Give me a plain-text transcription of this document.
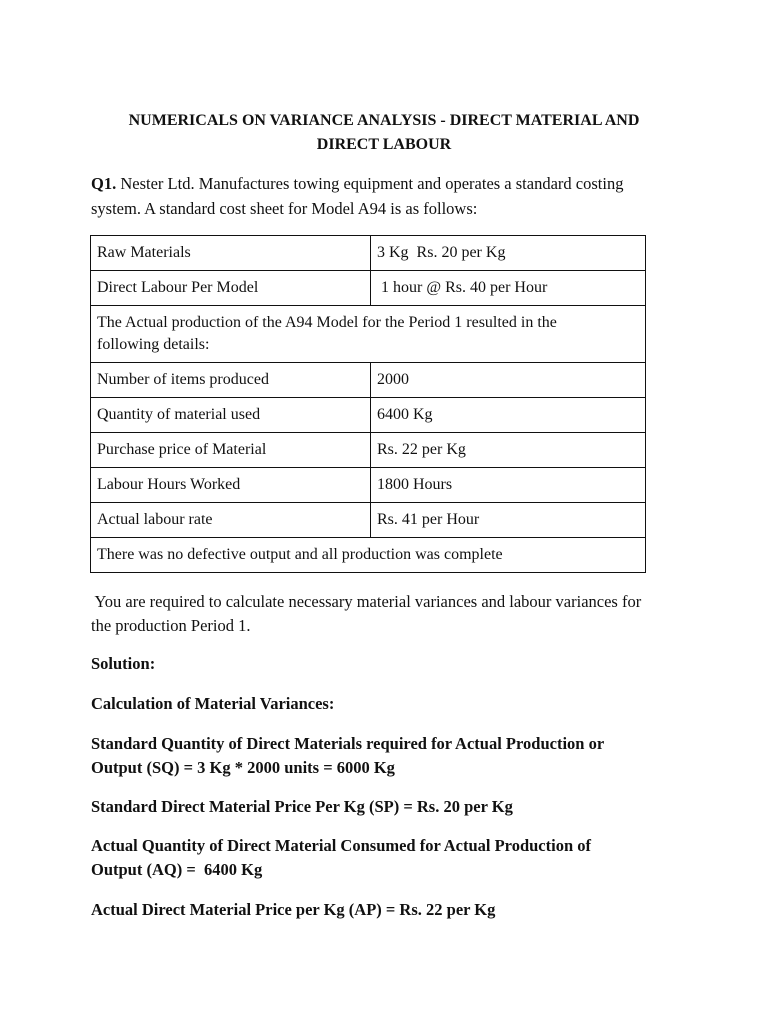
NUMERICALS ON VARIANCE ANALYSIS - DIRECT MATERIAL AND
DIRECT LABOUR

Q1. Nester Ltd. Manufactures towing equipment and operates a standard costing
system. A standard cost sheet for Model A94 is as follows:

Raw Materials	3 Kg  Rs. 20 per Kg
Direct Labour Per Model	1 hour @ Rs. 40 per Hour
The Actual production of the A94 Model for the Period 1 resulted in the following details:	
Number of items produced	2000
Quantity of material used	6400 Kg
Purchase price of Material	Rs. 22 per Kg
Labour Hours Worked	1800 Hours
Actual labour rate	Rs. 41 per Hour
There was no defective output and all production was complete	

You are required to calculate necessary material variances and labour variances for
the production Period 1.

Solution:

Calculation of Material Variances:

Standard Quantity of Direct Materials required for Actual Production or
Output (SQ) = 3 Kg * 2000 units = 6000 Kg

Standard Direct Material Price Per Kg (SP) = Rs. 20 per Kg

Actual Quantity of Direct Material Consumed for Actual Production of
Output (AQ) =  6400 Kg

Actual Direct Material Price per Kg (AP) = Rs. 22 per Kg
